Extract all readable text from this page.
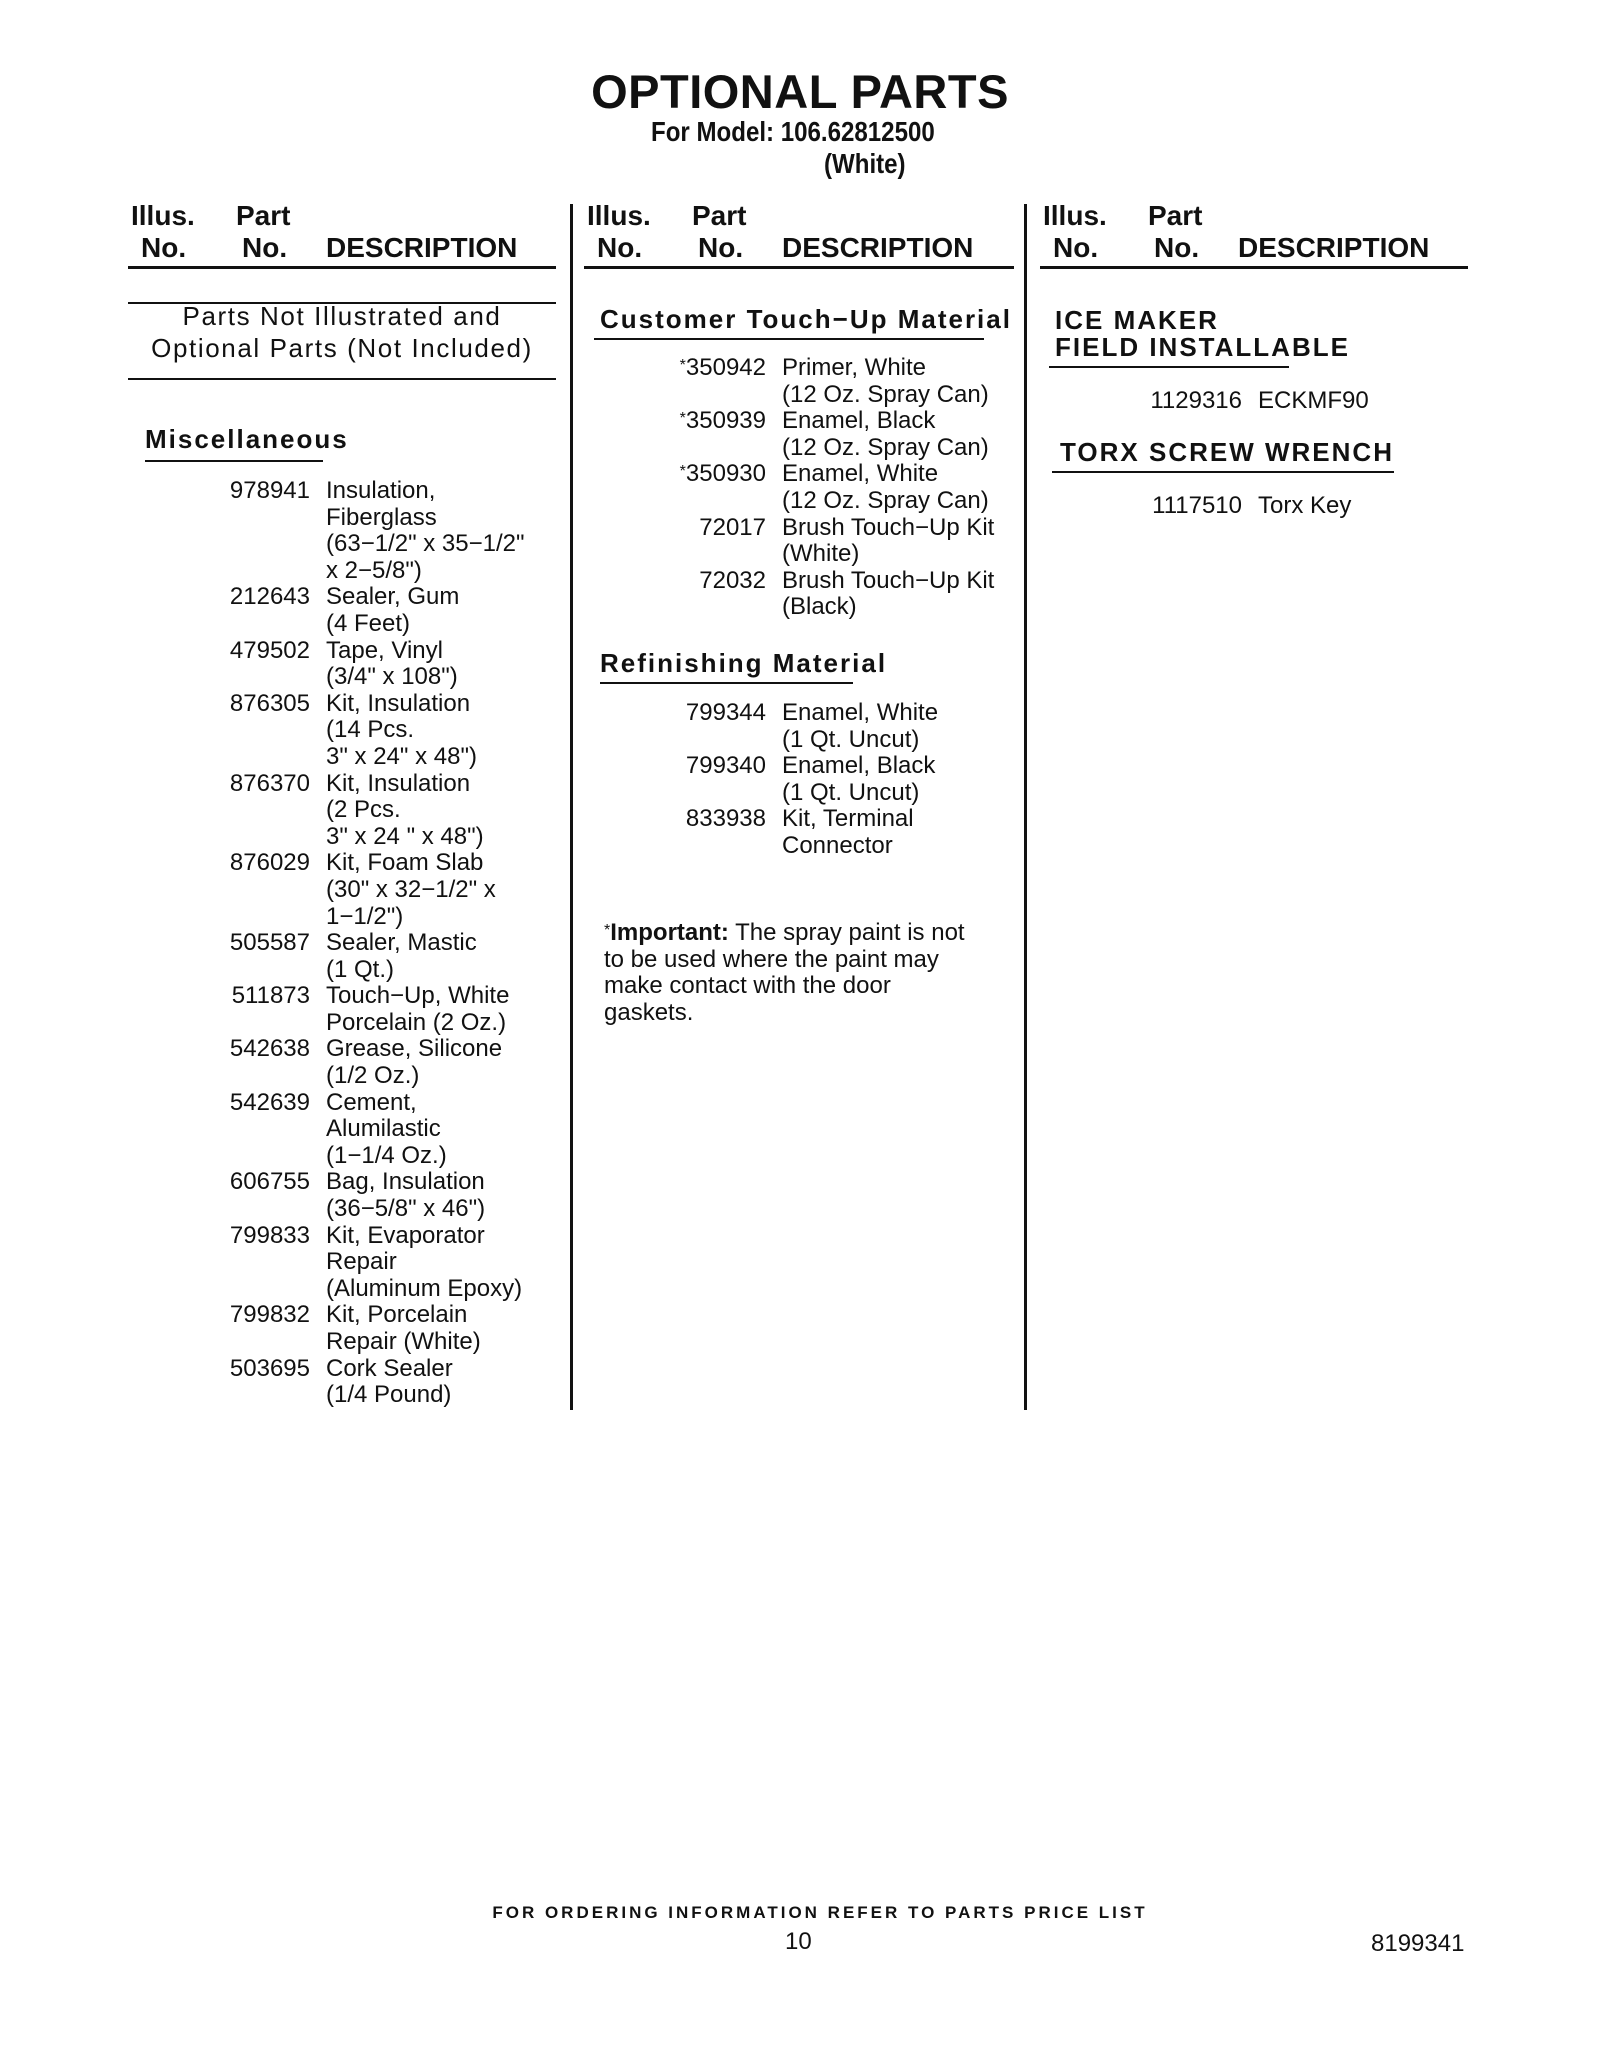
OPTIONAL PARTS
For Model: 106.62812500
(White)
Illus.
No.
Part
No. DESCRIPTION
Parts Not Illustrated and
Optional Parts (Not Included)
Miscellaneous
978941 Insulation,
Fiberglass
(63−1/2" x 35−1/2"
x 2−5/8")
212643 Sealer, Gum
(4 Feet)
479502 Tape, Vinyl
(3/4" x 108")
876305 Kit, Insulation
(14 Pcs.
3" x 24" x 48")
876370 Kit, Insulation
(2 Pcs.
3" x 24 " x 48")
876029 Kit, Foam Slab
(30" x 32−1/2" x
1−1/2")
505587 Sealer, Mastic
(1 Qt.)
511873 Touch−Up, White
Porcelain (2 Oz.)
542638 Grease, Silicone
(1/2 Oz.)
542639 Cement,
Alumilastic
(1−1/4 Oz.)
606755 Bag, Insulation
(36−5/8" x 46")
799833 Kit, Evaporator
Repair
(Aluminum Epoxy)
799832 Kit, Porcelain
Repair (White)
503695 Cork Sealer
(1/4 Pound)
Illus.
No.
Part
No. DESCRIPTION
Customer Touch−Up Material
*350942 Primer, White
(12 Oz. Spray Can)
*350939 Enamel, Black
(12 Oz. Spray Can)
*350930 Enamel, White
(12 Oz. Spray Can)
72017 Brush Touch−Up Kit
(White)
72032 Brush Touch−Up Kit
(Black)
Refinishing Material
799344 Enamel, White
(1 Qt. Uncut)
799340 Enamel, Black
(1 Qt. Uncut)
833938 Kit, Terminal
Connector
*Important: The spray paint is not to be used where the paint may make contact with the door gaskets.
Illus.
No.
Part
No. DESCRIPTION
ICE MAKER
FIELD INSTALLABLE
1129316 ECKMF90
TORX SCREW WRENCH
1117510 Torx Key
FOR ORDERING INFORMATION REFER TO PARTS PRICE LIST
10	8199341
